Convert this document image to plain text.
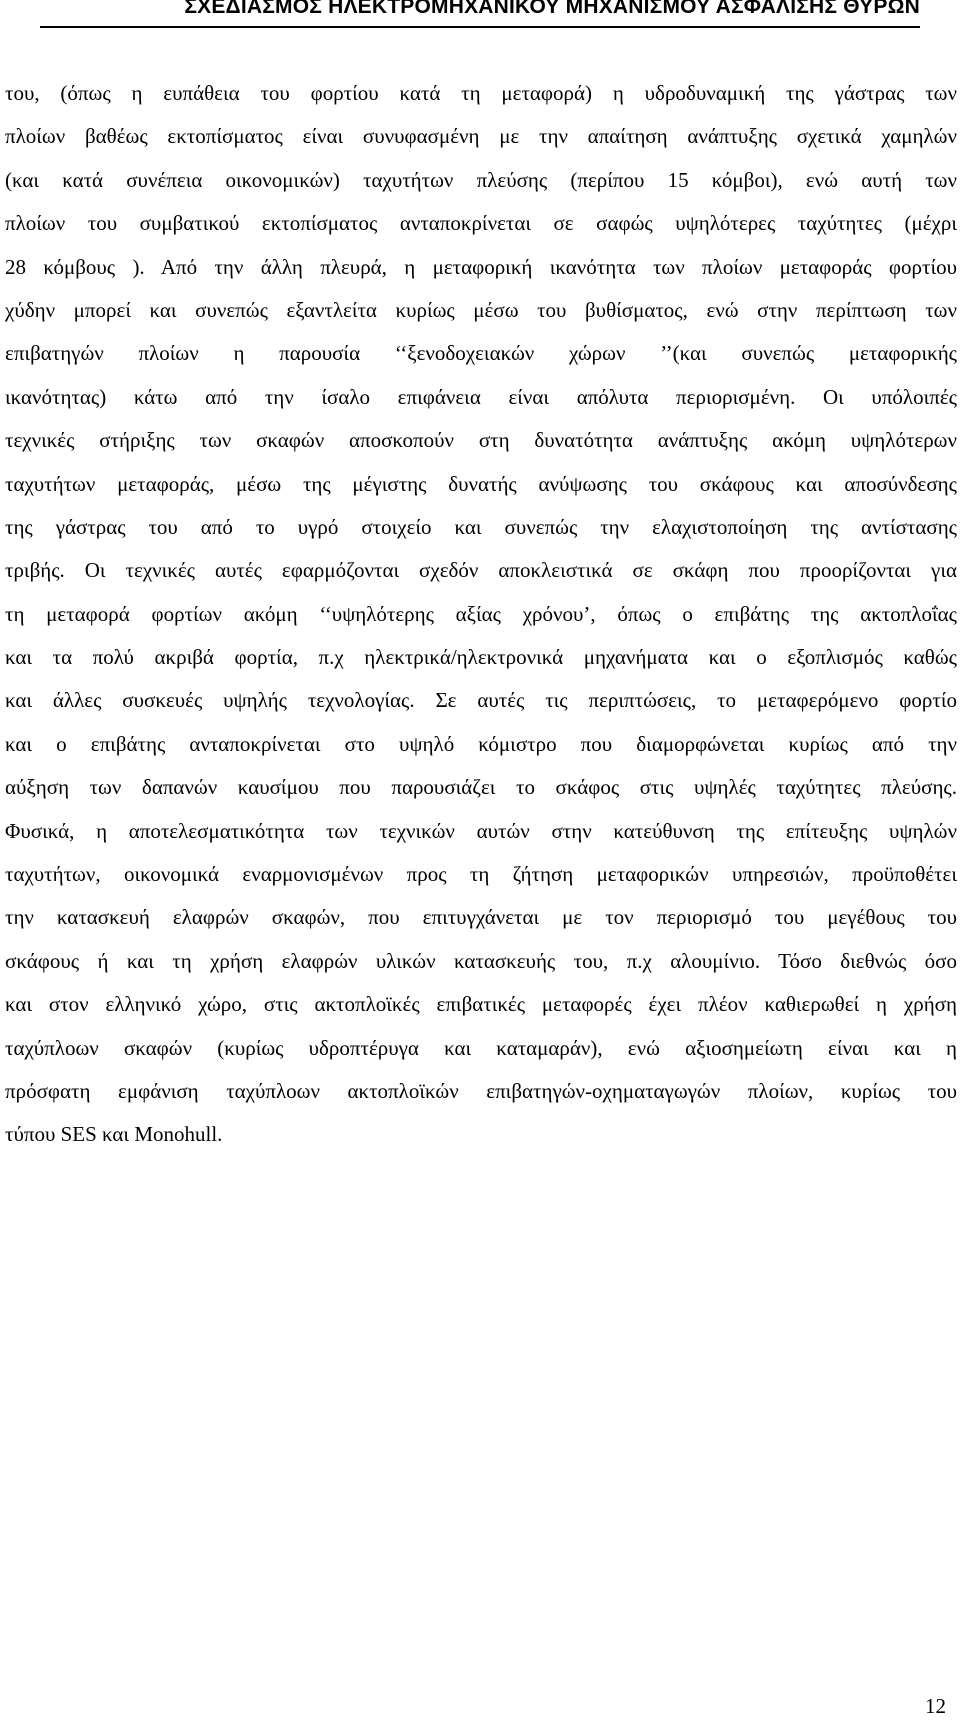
ΣΧΕΔΙΑΣΜΟΣ ΗΛΕΚΤΡΟΜΗΧΑΝΙΚΟΥ ΜΗΧΑΝΙΣΜΟΥ ΑΣΦΑΛΙΣΗΣ ΘΥΡΩΝ
του, (όπως η ευπάθεια του φορτίου κατά τη μεταφορά) η υδροδυναμική της γάστρας των
πλοίων βαθέως εκτοπίσματος είναι συνυφασμένη με την απαίτηση ανάπτυξης σχετικά χαμηλών
(και κατά συνέπεια οικονομικών) ταχυτήτων πλεύσης (περίπου 15 κόμβοι), ενώ αυτή των
πλοίων του συμβατικού εκτοπίσματος ανταποκρίνεται σε σαφώς υψηλότερες ταχύτητες (μέχρι
28 κόμβους ). Από την άλλη πλευρά, η μεταφορική ικανότητα των πλοίων μεταφοράς φορτίου
χύδην μπορεί και συνεπώς εξαντλείτα κυρίως μέσω του βυθίσματος, ενώ στην περίπτωση των
επιβατηγών πλοίων η παρουσία ‘‘ξενοδοχειακών χώρων ’’(και συνεπώς μεταφορικής
ικανότητας) κάτω από την ίσαλο επιφάνεια είναι απόλυτα περιορισμένη. Οι υπόλοιπές
τεχνικές στήριξης των σκαφών αποσκοπούν στη δυνατότητα ανάπτυξης ακόμη υψηλότερων
ταχυτήτων μεταφοράς, μέσω της μέγιστης δυνατής ανύψωσης του σκάφους και αποσύνδεσης
της γάστρας του από το υγρό στοιχείο και συνεπώς την ελαχιστοποίηση της αντίστασης
τριβής. Οι τεχνικές αυτές εφαρμόζονται σχεδόν αποκλειστικά σε σκάφη που προορίζονται για
τη μεταφορά φορτίων ακόμη ‘‘υψηλότερης αξίας χρόνου’, όπως ο επιβάτης της ακτοπλοΐας
και τα πολύ ακριβά φορτία, π.χ ηλεκτρικά/ηλεκτρονικά μηχανήματα και ο εξοπλισμός καθώς
και άλλες συσκευές υψηλής τεχνολογίας. Σε αυτές τις περιπτώσεις, το μεταφερόμενο φορτίο
και ο επιβάτης ανταποκρίνεται στο υψηλό κόμιστρο που διαμορφώνεται κυρίως από την
αύξηση των δαπανών καυσίμου που παρουσιάζει το σκάφος στις υψηλές ταχύτητες πλεύσης.
Φυσικά, η αποτελεσματικότητα των τεχνικών αυτών στην κατεύθυνση της επίτευξης υψηλών
ταχυτήτων, οικονομικά εναρμονισμένων προς τη ζήτηση μεταφορικών υπηρεσιών, προϋποθέτει
την κατασκευή ελαφρών σκαφών, που επιτυγχάνεται με τον περιορισμό του μεγέθους του
σκάφους ή και τη χρήση ελαφρών υλικών κατασκευής του, π.χ αλουμίνιο. Τόσο διεθνώς όσο
και στον ελληνικό χώρο, στις ακτοπλοϊκές επιβατικές μεταφορές έχει πλέον καθιερωθεί η χρήση
ταχύπλοων σκαφών (κυρίως υδροπτέρυγα και καταμαράν), ενώ αξιοσημείωτη είναι και η
πρόσφατη εμφάνιση ταχύπλοων ακτοπλοϊκών επιβατηγών-οχηματαγωγών πλοίων, κυρίως του
τύπου SES και Monohull.
12
